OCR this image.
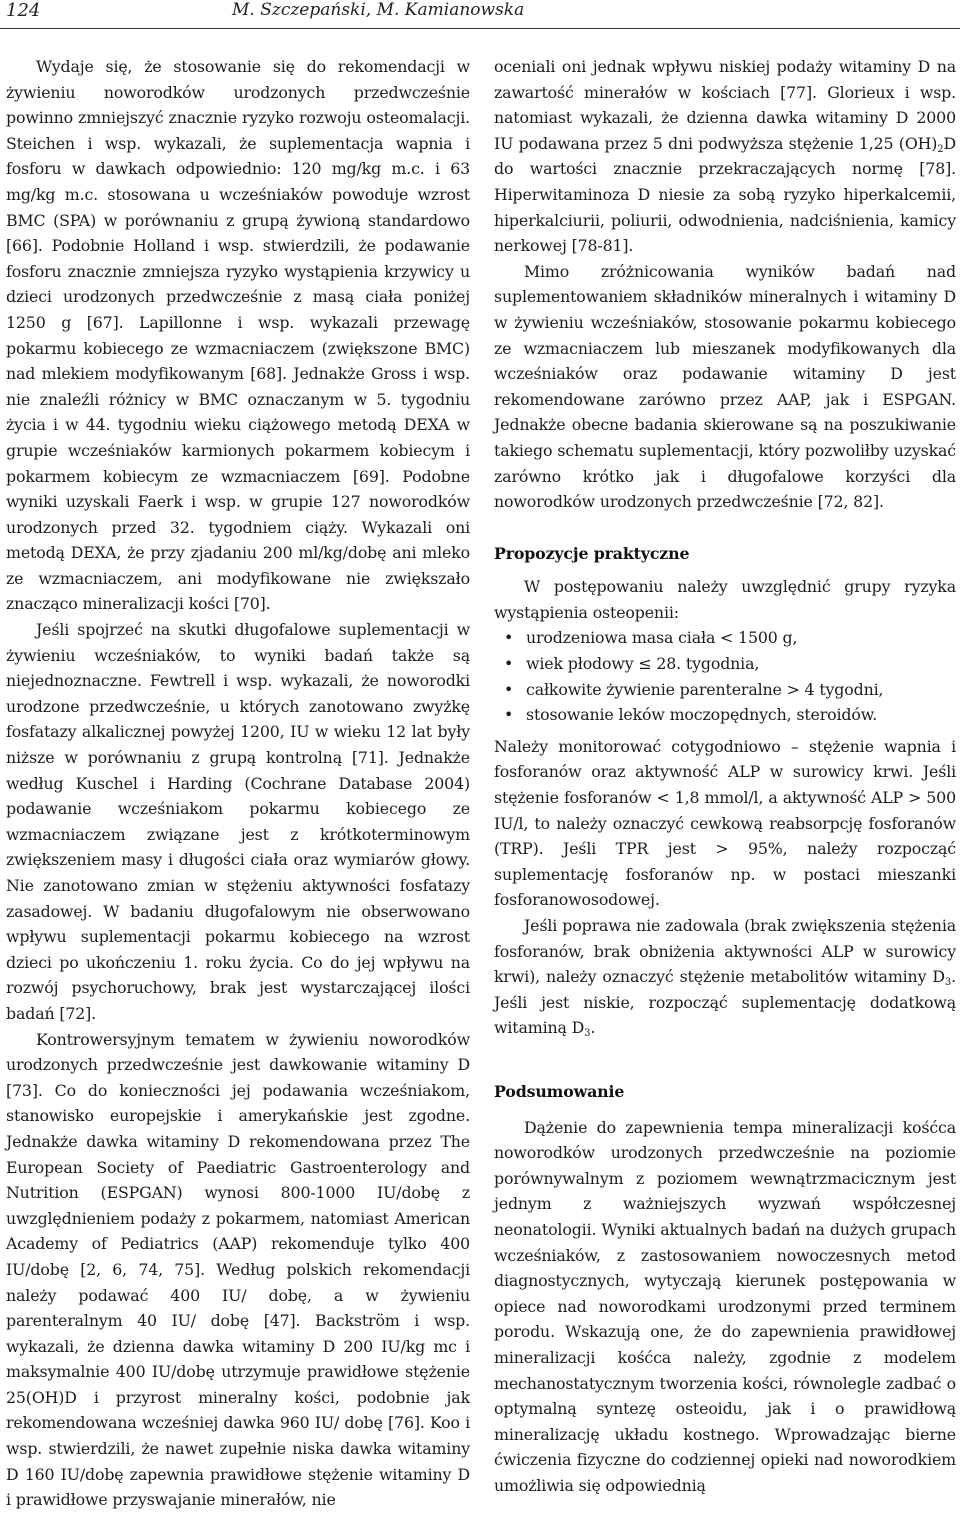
124	M. Szczepański, M. Kamianowska

Wydaje się, że stosowanie się do rekomendacji w żywieniu noworodków urodzonych przedwcześnie powinno zmniejszyć znacznie ryzyko rozwoju osteomalacji. Steichen i wsp. wykazali, że suplementacja wapnia i fosforu w dawkach odpowiednio: 120 mg/kg m.c. i 63 mg/kg m.c. stosowana u wcześniaków powoduje wzrost BMC (SPA) w porównaniu z grupą żywioną standardowo [66]. Podobnie Holland i wsp. stwierdzili, że podawanie fosforu znacznie zmniejsza ryzyko wystąpienia krzywicy u dzieci urodzonych przedwcześnie z masą ciała poniżej 1250 g [67]. Lapillonne i wsp. wykazali przewagę pokarmu kobiecego ze wzmacniaczem (zwiększone BMC) nad mlekiem modyfikowanym [68]. Jednakże Gross i wsp. nie znaleźli różnicy w BMC oznaczanym w 5. tygodniu życia i w 44. tygodniu wieku ciążowego metodą DEXA w grupie wcześniaków karmionych pokarmem kobiecym i pokarmem kobiecym ze wzmacniaczem [69]. Podobne wyniki uzyskali Faerk i wsp. w grupie 127 noworodków urodzonych przed 32. tygodniem ciąży. Wykazali oni metodą DEXA, że przy zjadaniu 200 ml/kg/dobę ani mleko ze wzmacniaczem, ani modyfikowane nie zwiększało znacząco mineralizacji kości [70].

Jeśli spojrzeć na skutki długofalowe suplementacji w żywieniu wcześniaków, to wyniki badań także są niejednoznaczne. Fewtrell i wsp. wykazali, że noworodki urodzone przedwcześnie, u których zanotowano zwyżkę fosfatazy alkalicznej powyżej 1200, IU w wieku 12 lat były niższe w porównaniu z grupą kontrolną [71]. Jednakże według Kuschel i Harding (Cochrane Database 2004) podawanie wcześniakom pokarmu kobiecego ze wzmacniaczem związane jest z krótkoterminowym zwiększeniem masy i długości ciała oraz wymiarów głowy. Nie zanotowano zmian w stężeniu aktywności fosfatazy zasadowej. W badaniu długofalowym nie obserwowano wpływu suplementacji pokarmu kobiecego na wzrost dzieci po ukończeniu 1. roku życia. Co do jej wpływu na rozwój psychoruchowy, brak jest wystarczającej ilości badań [72].

Kontrowersyjnym tematem w żywieniu noworodków urodzonych przedwcześnie jest dawkowanie witaminy D [73]. Co do konieczności jej podawania wcześniakom, stanowisko europejskie i amerykańskie jest zgodne. Jednakże dawka witaminy D rekomendowana przez The European Society of Paediatric Gastroenterology and Nutrition (ESPGAN) wynosi 800-1000 IU/dobę z uwzględnieniem podaży z pokarmem, natomiast American Academy of Pediatrics (AAP) rekomenduje tylko 400 IU/dobę [2, 6, 74, 75]. Według polskich rekomendacji należy podawać 400 IU/ dobę, a w żywieniu parenteralnym 40 IU/ dobę [47]. Backström i wsp. wykazali, że dzienna dawka witaminy D 200 IU/kg mc i maksymalnie 400 IU/dobę utrzymuje prawidłowe stężenie 25(OH)D i przyrost mineralny kości, podobnie jak rekomendowana wcześniej dawka 960 IU/ dobę [76]. Koo i wsp. stwierdzili, że nawet zupełnie niska dawka witaminy D 160 IU/dobę zapewnia prawidłowe stężenie witaminy D i prawidłowe przyswajanie minerałów, nie

oceniali oni jednak wpływu niskiej podaży witaminy D na zawartość minerałów w kościach [77]. Glorieux i wsp. natomiast wykazali, że dzienna dawka witaminy D 2000 IU podawana przez 5 dni podwyższa stężenie 1,25 $(OH)_2D$ do wartości znacznie przekraczających normę [78]. Hiperwitaminoza D niesie za sobą ryzyko hiperkalcemii, hiperkalciurii, poliurii, odwodnienia, nadciśnienia, kamicy nerkowej [78-81].

Mimo zróżnicowania wyników badań nad suplementowaniem składników mineralnych i witaminy D w żywieniu wcześniaków, stosowanie pokarmu kobiecego ze wzmacniaczem lub mieszanek modyfikowanych dla wcześniaków oraz podawanie witaminy D jest rekomendowane zarówno przez AAP, jak i ESPGAN. Jednakże obecne badania skierowane są na poszukiwanie takiego schematu suplementacji, który pozwoliłby uzyskać zarówno krótko jak i długofalowe korzyści dla noworodków urodzonych przedwcześnie [72, 82].

Propozycje praktyczne

W postępowaniu należy uwzględnić grupy ryzyka wystąpienia osteopenii:

• urodzeniowa masa ciała < 1500 g,
• wiek płodowy ≤ 28. tygodnia,
• całkowite żywienie parenteralne > 4 tygodni,
• stosowanie leków moczopędnych, steroidów.

Należy monitorować cotygodniowo – stężenie wapnia i fosforanów oraz aktywność ALP w surowicy krwi. Jeśli stężenie fosforanów < 1,8 mmol/l, a aktywność ALP > 500 IU/l, to należy oznaczyć cewkową reabsorpcję fosforanów (TRP). Jeśli TPR jest > 95%, należy rozpocząć suplementację fosforanów np. w postaci mieszanki fosforanowosodowej.

Jeśli poprawa nie zadowala (brak zwiększenia stężenia fosforanów, brak obniżenia aktywności ALP w surowicy krwi), należy oznaczyć stężenie metabolitów witaminy $D_3$. Jeśli jest niskie, rozpocząć suplementację dodatkową witaminą $D_3$.

Podsumowanie

Dążenie do zapewnienia tempa mineralizacji kośćca noworodków urodzonych przedwcześnie na poziomie porównywalnym z poziomem wewnątrzmacicznym jest jednym z ważniejszych wyzwań współczesnej neonatologii. Wyniki aktualnych badań na dużych grupach wcześniaków, z zastosowaniem nowoczesnych metod diagnostycznych, wytyczają kierunek postępowania w opiece nad noworodkami urodzonymi przed terminem porodu. Wskazują one, że do zapewnienia prawidłowej mineralizacji kośćca należy, zgodnie z modelem mechanostatycznym tworzenia kości, równolegle zadbać o optymalną syntezę osteoidu, jak i o prawidłową mineralizację układu kostnego. Wprowadzając bierne ćwiczenia fizyczne do codziennej opieki nad noworodkiem umożliwia się odpowiednią
